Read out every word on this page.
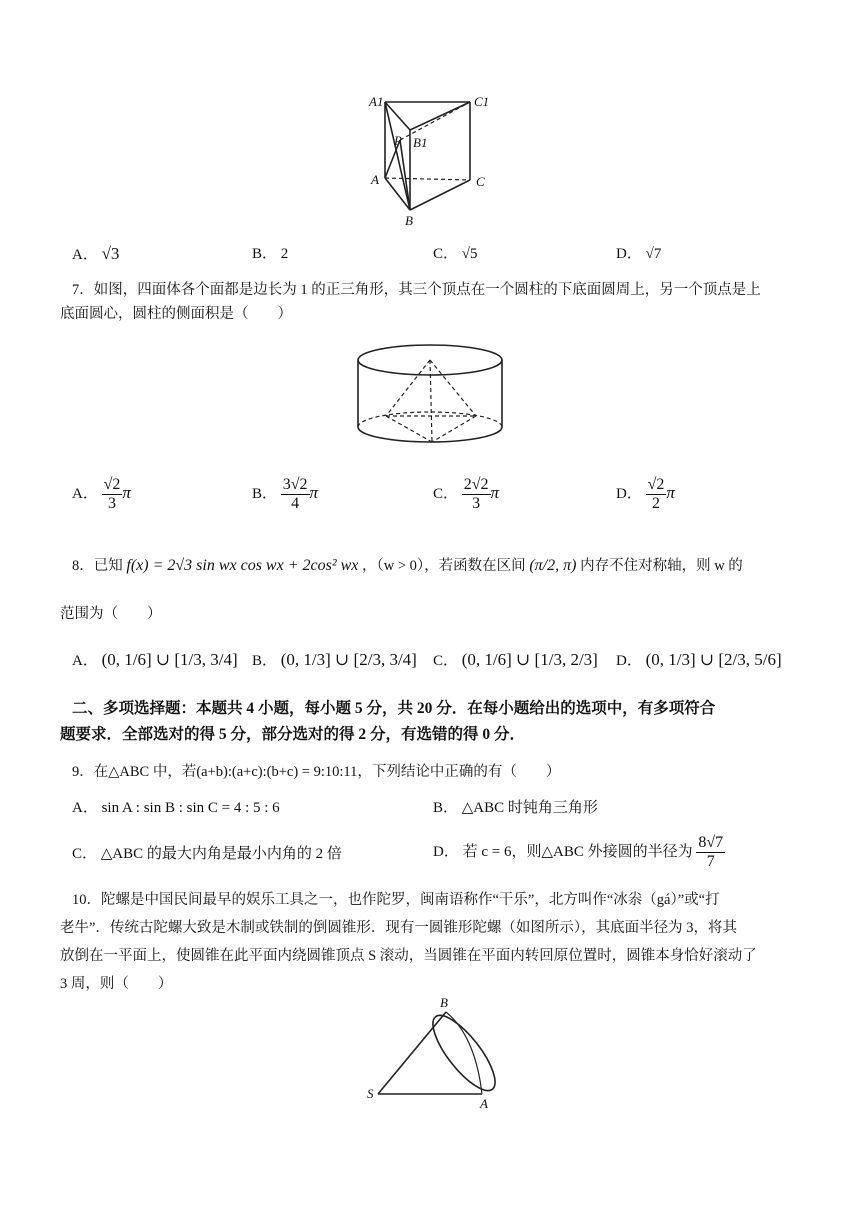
A1	C1
P B1
A	C
B
A． √3	B． 2	C． √5	D． √7
7．如图，四面体各个面都是边长为 1 的正三角形，其三个顶点在一个圆柱的下底面圆周上，另一个顶点是上
底面圆心，圆柱的侧面积是（　　）
A． $\frac{√2}{3}$ π	B． $\frac{3√2}{4}$ π	C． $\frac{2√2}{3}$ π	D． $\frac{√2}{2}$ π
8．已知 f(x) = 2√3 sin wx cos wx + 2cos² wx ，（w > 0），若函数在区间 (π/2, π) 内存不住对称轴，则 w 的
范围为（　　）
A． (0, 1/6] ∪ [1/3, 3/4] B． (0, 1/3] ∪ [2/3, 3/4] C． (0, 1/6] ∪ [1/3, 2/3] D． (0, 1/3] ∪ [2/3, 5/6]
二、多项选择题：本题共 4 小题，每小题 5 分，共 20 分．在每小题给出的选项中，有多项符合
题要求．全部选对的得 5 分，部分选对的得 2 分，有选错的得 0 分．
9．在△ABC 中，若(a+b):(a+c):(b+c) = 9:10:11，下列结论中正确的有（　　）
A． sin A : sin B : sin C = 4 : 5 : 6	B． △ABC 时钝角三角形
C． △ABC 的最大内角是最小内角的 2 倍	D． 若 c = 6，则△ABC 外接圆的半径为 $\frac{8√7}{7}$
10．陀螺是中国民间最早的娱乐工具之一，也作陀罗，闽南语称作“干乐”，北方叫作“冰尜（gá）”或“打
老牛”．传统古陀螺大致是木制或铁制的倒圆锥形．现有一圆锥形陀螺（如图所示），其底面半径为 3，将其
放倒在一平面上，使圆锥在此平面内绕圆锥顶点 S 滚动，当圆锥在平面内转回原位置时，圆锥本身恰好滚动了
3 周，则（　　）
B
S
A
